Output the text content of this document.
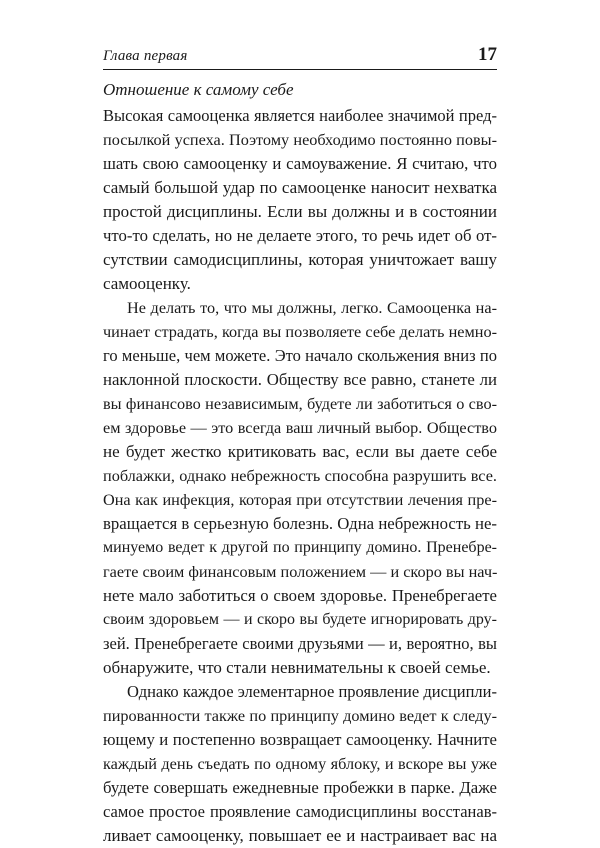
Глава первая	17
Отношение к самому себе
Высокая самооценка является наиболее значимой пред-
посылкой успеха. Поэтому необходимо постоянно повы-
шать свою самооценку и самоуважение. Я считаю, что
самый большой удар по самооценке наносит нехватка
простой дисциплины. Если вы должны и в состоянии
что-то сделать, но не делаете этого, то речь идет об от-
сутствии самодисциплины, которая уничтожает вашу
самооценку.
Не делать то, что мы должны, легко. Самооценка на-
чинает страдать, когда вы позволяете себе делать немно-
го меньше, чем можете. Это начало скольжения вниз по
наклонной плоскости. Обществу все равно, станете ли
вы финансово независимым, будете ли заботиться о сво-
ем здоровье — это всегда ваш личный выбор. Общество
не будет жестко критиковать вас, если вы даете себе
поблажки, однако небрежность способна разрушить все.
Она как инфекция, которая при отсутствии лечения пре-
вращается в серьезную болезнь. Одна небрежность не-
минуемо ведет к другой по принципу домино. Пренебре-
гаете своим финансовым положением — и скоро вы нач-
нете мало заботиться о своем здоровье. Пренебрегаете
своим здоровьем — и скоро вы будете игнорировать дру-
зей. Пренебрегаете своими друзьями — и, вероятно, вы
обнаружите, что стали невнимательны к своей семье.
Однако каждое элементарное проявление дисципли-
пированности также по принципу домино ведет к следу-
ющему и постепенно возвращает самооценку. Начните
каждый день съедать по одному яблоку, и вскоре вы уже
будете совершать ежедневные пробежки в парке. Даже
самое простое проявление самодисциплины восстанав-
ливает самооценку, повышает ее и настраивает вас на
